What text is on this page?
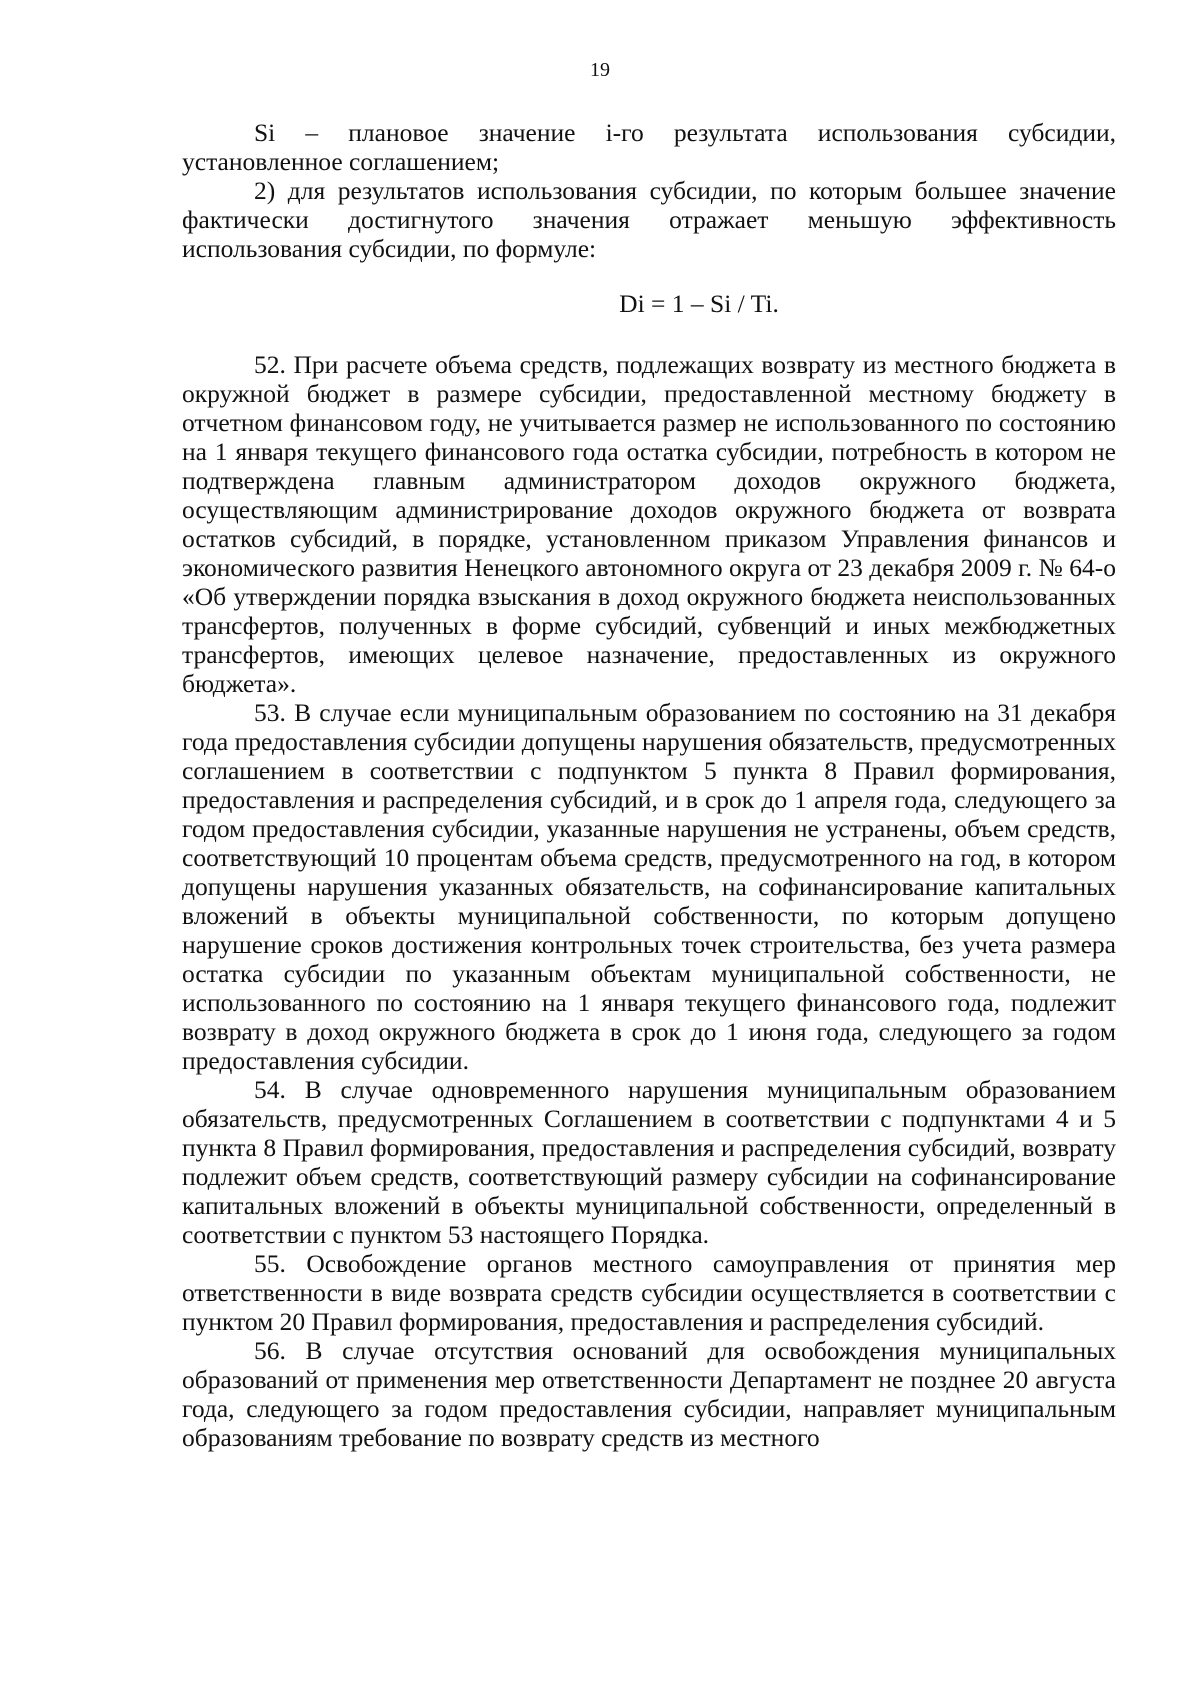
19

Si – плановое значение i-го результата использования субсидии, установленное соглашением;

2) для результатов использования субсидии, по которым большее значение фактически достигнутого значения отражает меньшую эффективность использования субсидии, по формуле:

Di = 1 – Si / Ti.

52. При расчете объема средств, подлежащих возврату из местного бюджета в окружной бюджет в размере субсидии, предоставленной местному бюджету в отчетном финансовом году, не учитывается размер не использованного по состоянию на 1 января текущего финансового года остатка субсидии, потребность в котором не подтверждена главным администратором доходов окружного бюджета, осуществляющим администрирование доходов окружного бюджета от возврата остатков субсидий, в порядке, установленном приказом Управления финансов и экономического развития Ненецкого автономного округа от 23 декабря 2009 г. № 64-о «Об утверждении порядка взыскания в доход окружного бюджета неиспользованных трансфертов, полученных в форме субсидий, субвенций и иных межбюджетных трансфертов, имеющих целевое назначение, предоставленных из окружного бюджета».

53. В случае если муниципальным образованием по состоянию на 31 декабря года предоставления субсидии допущены нарушения обязательств, предусмотренных соглашением в соответствии с подпунктом 5 пункта 8 Правил формирования, предоставления и распределения субсидий, и в срок до 1 апреля года, следующего за годом предоставления субсидии, указанные нарушения не устранены, объем средств, соответствующий 10 процентам объема средств, предусмотренного на год, в котором допущены нарушения указанных обязательств, на софинансирование капитальных вложений в объекты муниципальной собственности, по которым допущено нарушение сроков достижения контрольных точек строительства, без учета размера остатка субсидии по указанным объектам муниципальной собственности, не использованного по состоянию на 1 января текущего финансового года, подлежит возврату в доход окружного бюджета в срок до 1 июня года, следующего за годом предоставления субсидии.

54. В случае одновременного нарушения муниципальным образованием обязательств, предусмотренных Соглашением в соответствии с подпунктами 4 и 5 пункта 8 Правил формирования, предоставления и распределения субсидий, возврату подлежит объем средств, соответствующий размеру субсидии на софинансирование капитальных вложений в объекты муниципальной собственности, определенный в соответствии с пунктом 53 настоящего Порядка.

55. Освобождение органов местного самоуправления от принятия мер ответственности в виде возврата средств субсидии осуществляется в соответствии с пунктом 20 Правил формирования, предоставления и распределения субсидий.

56. В случае отсутствия оснований для освобождения муниципальных образований от применения мер ответственности Департамент не позднее 20 августа года, следующего за годом предоставления субсидии, направляет муниципальным образованиям требование по возврату средств из местного
